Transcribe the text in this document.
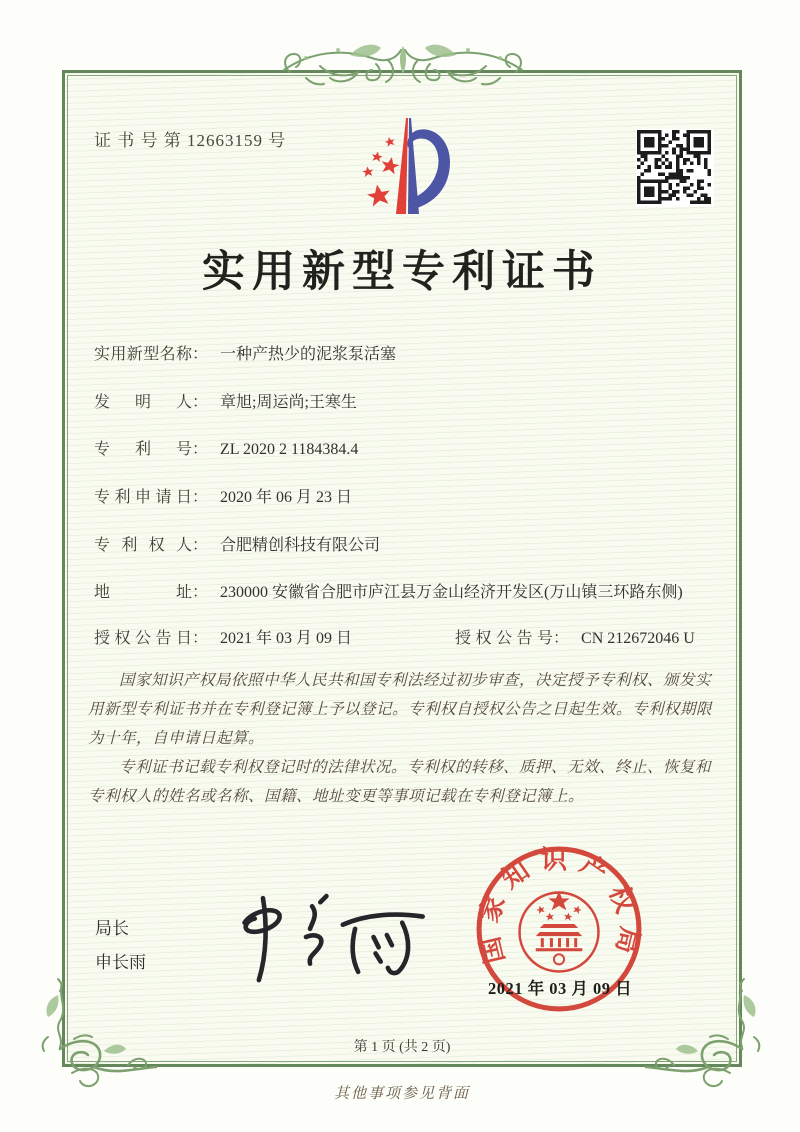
证 书 号 第 12663159 号
实用新型专利证书
实用新型名称： 一种产热少的泥浆泵活塞
发明人： 章旭;周运尚;王寒生
专利号： ZL 2020 2 1184384.4
专利申请日： 2020 年 06 月 23 日
专利权人： 合肥精创科技有限公司
地址： 230000 安徽省合肥市庐江县万金山经济开发区(万山镇三环路东侧)
授权公告日： 2021 年 03 月 09 日	授权公告号： CN 212672046 U

国家知识产权局依照中华人民共和国专利法经过初步审查，决定授予专利权、颁发实用新型专利证书并在专利登记簿上予以登记。专利权自授权公告之日起生效。专利权期限为十年，自申请日起算。

专利证书记载专利权登记时的法律状况。专利权的转移、质押、无效、终止、恢复和专利权人的姓名或名称、国籍、地址变更等事项记载在专利登记簿上。

局长
申长雨	国家知识产权局
2021 年 03 月 09 日
第 1 页 (共 2 页)
其他事项参见背面
